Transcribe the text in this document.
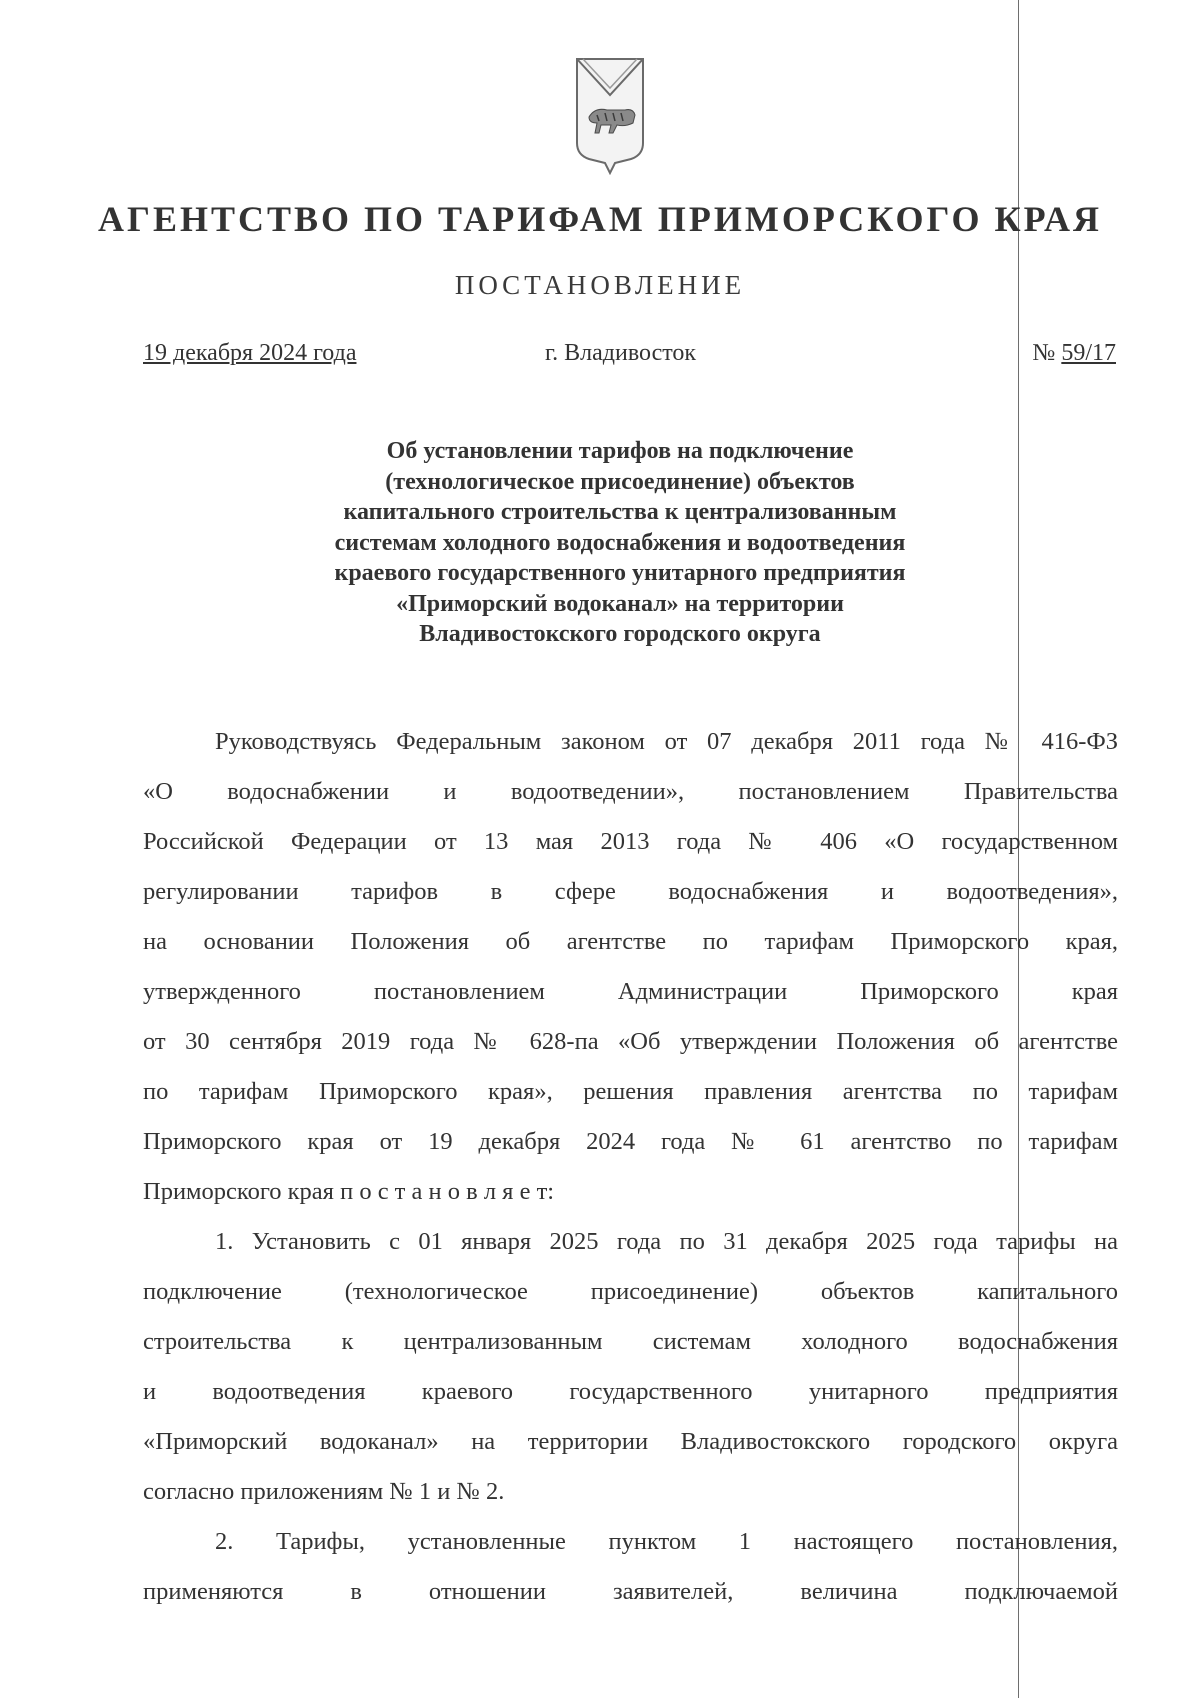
АГЕНТСТВО ПО ТАРИФАМ ПРИМОРСКОГО КРАЯ
ПОСТАНОВЛЕНИЕ
19 декабря 2024 года	г. Владивосток	№ 59/17
Об установлении тарифов на подключение
(технологическое присоединение) объектов
капитального строительства к централизованным
системам холодного водоснабжения и водоотведения
краевого государственного унитарного предприятия
«Приморский водоканал» на территории
Владивостокского городского округа
Руководствуясь Федеральным законом от 07 декабря 2011 года № 416-ФЗ
«О водоснабжении и водоотведении», постановлением Правительства
Российской Федерации от 13 мая 2013 года № 406 «О государственном
регулировании тарифов в сфере водоснабжения и водоотведения»,
на основании Положения об агентстве по тарифам Приморского края,
утвержденного постановлением Администрации Приморского края
от 30 сентября 2019 года № 628-па «Об утверждении Положения об агентстве
по тарифам Приморского края», решения правления агентства по тарифам
Приморского края от 19 декабря 2024 года № 61 агентство по тарифам
Приморского края п о с т а н о в л я е т:
1. Установить с 01 января 2025 года по 31 декабря 2025 года тарифы на
подключение (технологическое присоединение) объектов капитального
строительства к централизованным системам холодного водоснабжения
и водоотведения краевого государственного унитарного предприятия
«Приморский водоканал» на территории Владивостокского городского округа
согласно приложениям № 1 и № 2.
2. Тарифы, установленные пунктом 1 настоящего постановления,
применяются в отношении заявителей, величина подключаемой
